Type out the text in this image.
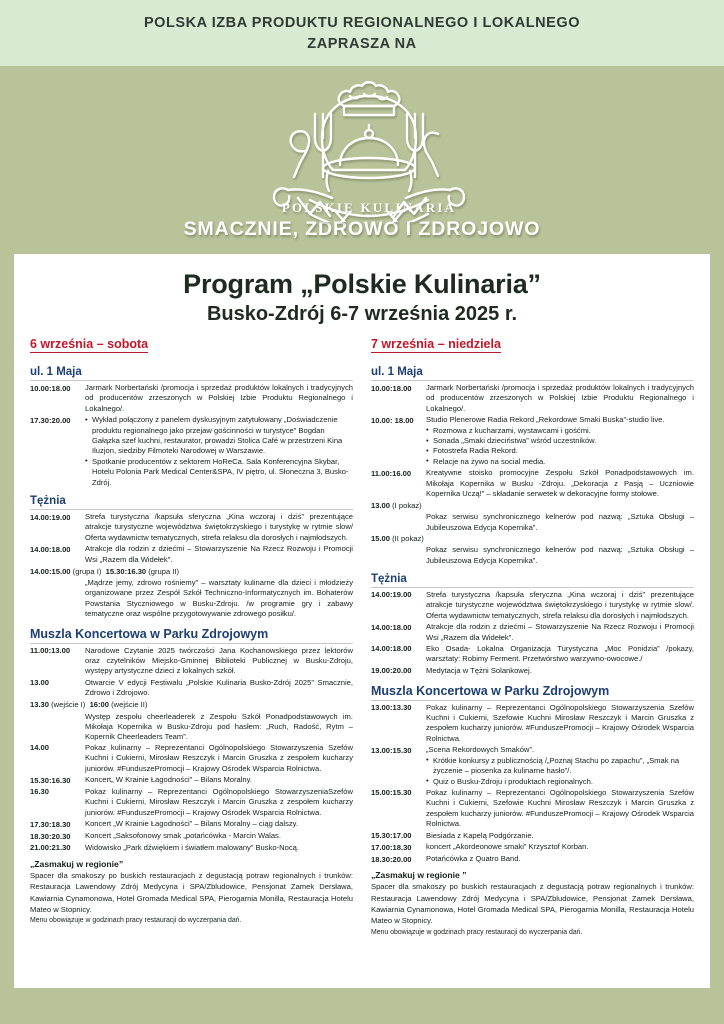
POLSKA IZBA PRODUKTU REGIONALNEGO I LOKALNEGO
ZAPRASZA NA
POLSKIE KULINARIA
SMACZNIE, ZDROWO I ZDROJOWO
Program „Polskie Kulinaria”
Busko-Zdrój 6-7 września 2025 r.
6 września – sobota
ul. 1 Maja
10.00:18.00	Jarmark Norbertański /promocja i sprzedaż produktów lokalnych i tradycyjnych od producentów zrzeszonych w Polskiej Izbie Produktu Regionalnego i Lokalnego/.
17.30:20.00	• Wykład połączony z panelem dyskusyjnym zatytułowany „Doświadczenie produktu regionalnego jako przejaw gościnności w turystyce” Bogdan Gałązka szef kuchni, restaurator, prowadzi Stolica Café w przestrzeni Kina Iluzjon, siedziby Filmoteki Narodowej w Warszawie.
• Spotkanie producentów z sektorem HoReCa. Sala Konferencyjna Skybar, Hotelu Polonia Park Medical Center&SPA, IV piętro, ul. Słoneczna 3, Busko-Zdrój.
Tężnia
14.00:19.00	Strefa turystyczna /kapsuła sferyczna „Kina wczoraj i dziś” prezentujące atrakcje turystyczne województwa świętokrzyskiego i turystykę w rytmie slow/ Oferta wydawnictw tematycznych, strefa relaksu dla dorosłych i najmłodszych.
14.00:18.00	Atrakcje dla rodzin z dziećmi – Stowarzyszenie Na Rzecz Rozwoju i Promocji Wsi „Razem dla Widełek”.
14.00:15.00 (grupa I) 15.30:16.30 (grupa II)
„Mądrze jemy, zdrowo rośniemy” – warsztaty kulinarne dla dzieci i młodzieży organizowane przez Zespół Szkół Techniczno-Informatycznych im. Bohaterów Powstania Styczniowego w Busku-Zdroju. /w programie gry i zabawy tematyczne oraz wspólne przygotowywanie zdrowego posiłku/.
Muszla Koncertowa w Parku Zdrojowym
11.00:13.00	Narodowe Czytanie 2025 twórczości Jana Kochanowskiego przez lektorów oraz czytelników Miejsko-Gminnej Biblioteki Publicznej w Busku-Zdroju, występy artystyczne dzieci z lokalnych szkół.
13.00	Otwarcie V edycji Festiwalu „Polskie Kulinaria Busko-Zdrój 2025” Smacznie, Zdrowo i Zdrojowo.
13.30 (wejście I) 16:00 (wejście II)
Występ zespołu cheerleaderek z Zespołu Szkół Ponadpodstawowych im. Mikołaja Kopernika w Busku-Zdroju pod hasłem: „Ruch, Radość, Rytm – Kopernik Cheerleaders Team”.
14.00	Pokaz kulinarny – Reprezentanci Ogólnopolskiego Stowarzyszenia Szefów Kuchni i Cukierni, Mirosław Reszczyk i Marcin Gruszka z zespołem kucharzy juniorów. #FunduszePromocji – Krajowy Ośrodek Wsparcia Rolnictwa.
15.30:16.30	Koncert„ W Krainie Łagodności” – Bilans Moralny.
16.30	Pokaz kulinarny – Reprezentanci Ogólnopolskiego StowarzyszeniaSzefów Kuchni i Cukierni, Mirosław Reszczyk i Marcin Gruszka z zespołem kucharzy juniorów. #FunduszePromocji – Krajowy Ośrodek Wsparcia Rolnictwa.
17.30:18.30	Koncert „W Krainie Łagodności” – Bilans Moralny – ciąg dalszy.
18.30:20.30	Koncert „Saksofonowy smak „potańcówka - Marcin Walas.
21.00:21.30	Widowisko „Park dźwiękiem i światłem malowany” Busko-Nocą.
„Zasmakuj w regionie”
Spacer dla smakoszy po buskich restauracjach z degustacją potraw regionalnych i trunków: Restauracja Lawendowy Zdrój Medycyna i SPA/Zbludowice, Pensjonat Zamek Dersława, Kawiarnia Cynamonowa, Hotel Gromada Medical SPA, Pierogarnia Monilla, Restauracja Hotelu Mateo w Stopnicy.
Menu obowiązuje w godzinach pracy restauracji do wyczerpania dań.
7 września – niedziela
ul. 1 Maja
10.00:18.00	Jarmark Norbertański /promocja i sprzedaż produktów lokalnych i tradycyjnych od producentów zrzeszonych w Polskiej Izbie Produktu Regionalnego i Lokalnego/.
10.00: 18.00	Studio Plenerowe Radia Rekord „Rekordowe Smaki Buska”-studio live.
• Rozmowa z kucharzami, wystawcami i gośćmi.
• Sonada „Smaki dzieciństwa” wśród uczestników.
• Fotostrefa Radia Rekord.
• Relacje na żywo na social media.
11.00:16.00	Kreatywne stoisko promocyjne Zespołu Szkół Ponadpodstawowych im. Mikołaja Kopernika w Busku -Zdroju. „Dekoracja z Pasją – Uczniowie Kopernika Uczą!” – składanie serwetek w dekoracyjne formy stołowe.
13.00 (I pokaz)
Pokaz serwisu synchronicznego kelnerów pod nazwą: „Sztuka Obsługi – Jubileuszowa Edycja Kopernika”.
15.00 (II pokaz)
Pokaz serwisu synchronicznego kelnerów pod nazwą: „Sztuka Obsługi – Jubileuszowa Edycja Kopernika”.
Tężnia
14.00:19.00	Strefa turystyczna /kapsuła sferyczna „Kina wczoraj i dziś” prezentujące atrakcje turystyczne województwa świętokrzyskiego i turystykę w rytmie slow/. Oferta wydawnictw tematycznych, strefa relaksu dla dorosłych i najmłodszych.
14.00:18.00	Atrakcje dla rodzin z dziećmi – Stowarzyszenie Na Rzecz Rozwoju i Promocji Wsi „Razem dla Widełek”.
14.00:18.00	Eko Osada- Lokalna Organizacja Turystyczna „Moc Ponidzia” /pokazy, warsztaty: Robimy Ferment. Przetwórstwo warzywno-owocowe./
19.00:20.00	Medytacja w Tężni Solankowej.
Muszla Koncertowa w Parku Zdrojowym
13.00:13.30	Pokaz kulinarny – Reprezentanci Ogólnopolskiego Stowarzyszenia Szefów Kuchni i Cukierni, Szefowie Kuchni Mirosław Reszczyk i Marcin Gruszka z zespołem kucharzy juniorów. #FunduszePromocji – Krajowy Ośrodek Wsparcia Rolnictwa.
13.00:15.30	„Scena Rekordowych Smaków”.
• Krótkie konkursy z publicznością /„Poznaj Stachu po zapachu”, „Smak na życzenie – piosenka za kulinarne hasło”/.
• Quiz o Busku-Zdroju i produktach regionalnych.
15.00:15.30	Pokaz kulinarny – Reprezentanci Ogólnopolskiego Stowarzyszenia Szefów Kuchni i Cukierni, Szefowie Kuchni Mirosław Reszczyk i Marcin Gruszka z zespołem kucharzy juniorów. #FunduszePromocji – Krajowy Ośrodek Wsparcia Rolnictwa.
15.30:17.00	Biesiada z Kapelą Podgórzanie.
17.00:18.30	koncert „Akordeonowe smaki” Krzysztof Korban.
18.30:20.00	Potańcówka z Quatro Band.
„Zasmakuj w regionie ”
Spacer dla smakoszy po buskich restauracjach z degustacją potraw regionalnych i trunków: Restauracja Lawendowy Zdrój Medycyna i SPA/Zbludowice, Pensjonat Zamek Dersława, Kawiarnia Cynamonowa, Hotel Gromada Medical SPA, Pierogarnia Monilla, Restauracja Hotelu Mateo w Stopnicy.
Menu obowiązuje w godzinach pracy restauracji do wyczerpania dań.
